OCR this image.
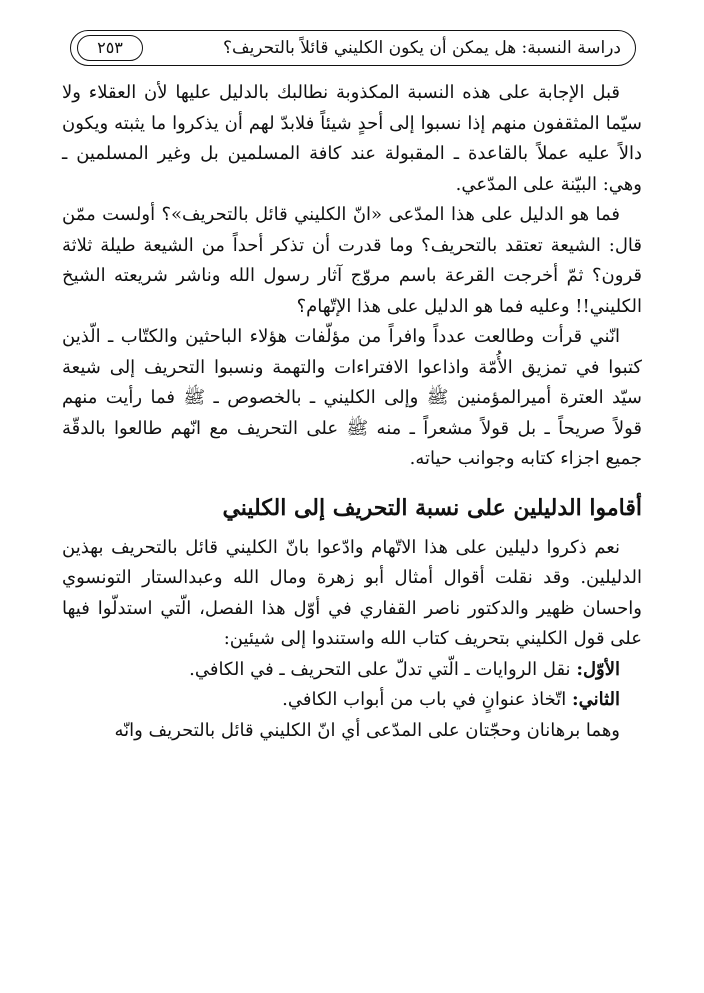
دراسة النسبة: هل يمكن أن يكون الكليني قائلاً بالتحريف؟
٢٥٣

قبل الإجابة على هذه النسبة المكذوبة نطالبك بالدليل عليها لأن العقلاء ولا سيّما المثقفون منهم إذا نسبوا إلى أحدٍ شيئاً فلابدّ لهم أن يذكروا ما يثبته ويكون دالاً عليه عملاً بالقاعدة ـ المقبولة عند كافة المسلمين بل وغير المسلمين ـ وهي: البيّنة على المدّعي.

فما هو الدليل على هذا المدّعى «انّ الكليني قائل بالتحريف»؟ أولست ممّن قال: الشيعة تعتقد بالتحريف؟ وما قدرت أن تذكر أحداً من الشيعة طيلة ثلاثة قرون؟ ثمّ أخرجت القرعة باسم مروّج آثار رسول الله وناشر شريعته الشيخ الكليني!! وعليه فما هو الدليل على هذا الإتّهام؟

انّني قرأت وطالعت عدداً وافراً من مؤلّفات هؤلاء الباحثين والكتّاب ـ الّذين كتبوا في تمزيق الأُمّة واذاعوا الافتراءات والتهمة ونسبوا التحريف إلى شيعة سيّد العترة أميرالمؤمنين ﷺ وإلى الكليني ـ بالخصوص ـ ﷺ فما رأيت منهم قولاً صريحاً ـ بل قولاً مشعراً ـ منه ﷺ على التحريف مع انّهم طالعوا بالدقّة جميع اجزاء كتابه وجوانب حياته.

أقاموا الدليلين على نسبة التحريف إلى الكليني

نعم ذكروا دليلين على هذا الاتّهام وادّعوا بانّ الكليني قائل بالتحريف بهذين الدليلين. وقد نقلت أقوال أمثال أبو زهرة ومال الله وعبدالستار التونسوي واحسان ظهير والدكتور ناصر القفاري في أوّل هذا الفصل، الّتي استدلّوا فيها على قول الكليني بتحريف كتاب الله واستندوا إلى شيئين:

الأوّل: نقل الروايات ـ الّتي تدلّ على التحريف ـ في الكافي.

الثاني: اتّخاذ عنوانٍ في باب من أبواب الكافي.

وهما برهانان وحجّتان على المدّعى أي انّ الكليني قائل بالتحريف وانّه
